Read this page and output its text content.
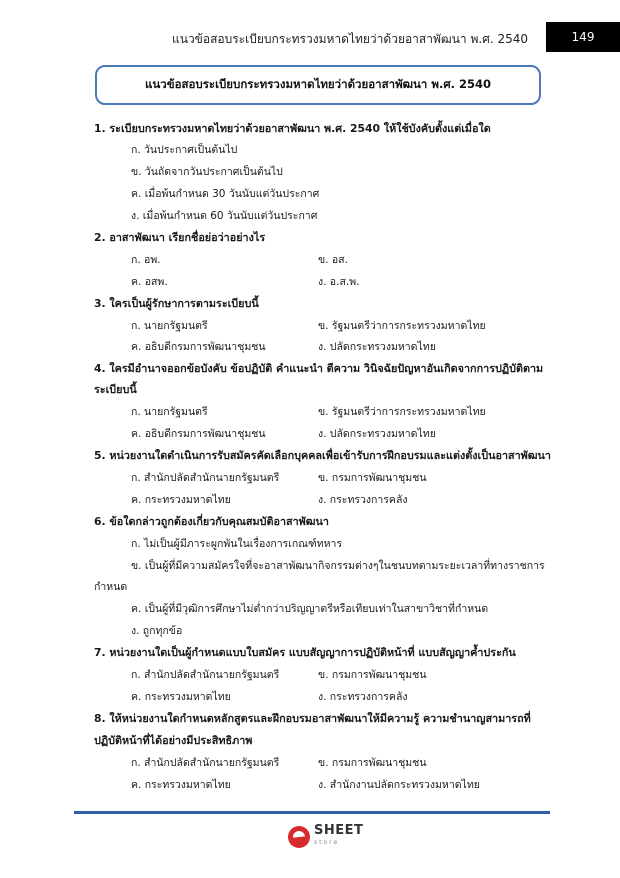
แนวข้อสอบระเบียบกระทรวงมหาดไทยว่าด้วยอาสาพัฒนา พ.ศ. 2540	149
แนวข้อสอบระเบียบกระทรวงมหาดไทยว่าด้วยอาสาพัฒนา พ.ศ. 2540
1. ระเบียบกระทรวงมหาดไทยว่าด้วยอาสาพัฒนา พ.ศ. 2540 ให้ใช้บังคับตั้งแต่เมื่อใด
ก. วันประกาศเป็นต้นไป
ข. วันถัดจากวันประกาศเป็นต้นไป
ค. เมื่อพ้นกำหนด 30 วันนับแต่วันประกาศ
ง. เมื่อพ้นกำหนด 60 วันนับแต่วันประกาศ
2. อาสาพัฒนา เรียกชื่อย่อว่าอย่างไร
ก. อพ.	ข. อส.
ค. อสพ.	ง. อ.ส.พ.
3. ใครเป็นผู้รักษาการตามระเบียบนี้
ก. นายกรัฐมนตรี	ข. รัฐมนตรีว่าการกระทรวงมหาดไทย
ค. อธิบดีกรมการพัฒนาชุมชน	ง. ปลัดกระทรวงมหาดไทย
4. ใครมีอำนาจออกข้อบังคับ ข้อปฏิบัติ คำแนะนำ ตีความ วินิจฉัยปัญหาอันเกิดจากการปฏิบัติตาม
ระเบียบนี้
ก. นายกรัฐมนตรี	ข. รัฐมนตรีว่าการกระทรวงมหาดไทย
ค. อธิบดีกรมการพัฒนาชุมชน	ง. ปลัดกระทรวงมหาดไทย
5. หน่วยงานใดดำเนินการรับสมัครคัดเลือกบุคคลเพื่อเข้ารับการฝึกอบรมและแต่งตั้งเป็นอาสาพัฒนา
ก. สำนักปลัดสำนักนายกรัฐมนตรี	ข. กรมการพัฒนาชุมชน
ค. กระทรวงมหาดไทย	ง. กระทรวงการคลัง
6. ข้อใดกล่าวถูกต้องเกี่ยวกับคุณสมบัติอาสาพัฒนา
ก. ไม่เป็นผู้มีภาระผูกพันในเรื่องการเกณฑ์ทหาร
ข. เป็นผู้ที่มีความสมัครใจที่จะอาสาพัฒนากิจกรรมต่างๆในชนบทตามระยะเวลาที่ทางราชการ
กำหนด
ค. เป็นผู้ที่มีวุฒิการศึกษาไม่ต่ำกว่าปริญญาตรีหรือเทียบเท่าในสาขาวิชาที่กำหนด
ง. ถูกทุกข้อ
7. หน่วยงานใดเป็นผู้กำหนดแบบใบสมัคร แบบสัญญาการปฏิบัติหน้าที่ แบบสัญญาค้ำประกัน
ก. สำนักปลัดสำนักนายกรัฐมนตรี	ข. กรมการพัฒนาชุมชน
ค. กระทรวงมหาดไทย	ง. กระทรวงการคลัง
8. ให้หน่วยงานใดกำหนดหลักสูตรและฝึกอบรมอาสาพัฒนาให้มีความรู้ ความชำนาญสามารถที่
ปฏิบัติหน้าที่ได้อย่างมีประสิทธิภาพ
ก. สำนักปลัดสำนักนายกรัฐมนตรี	ข. กรมการพัฒนาชุมชน
ค. กระทรวงมหาดไทย	ง. สำนักงานปลัดกระทรวงมหาดไทย
SHEET
store
